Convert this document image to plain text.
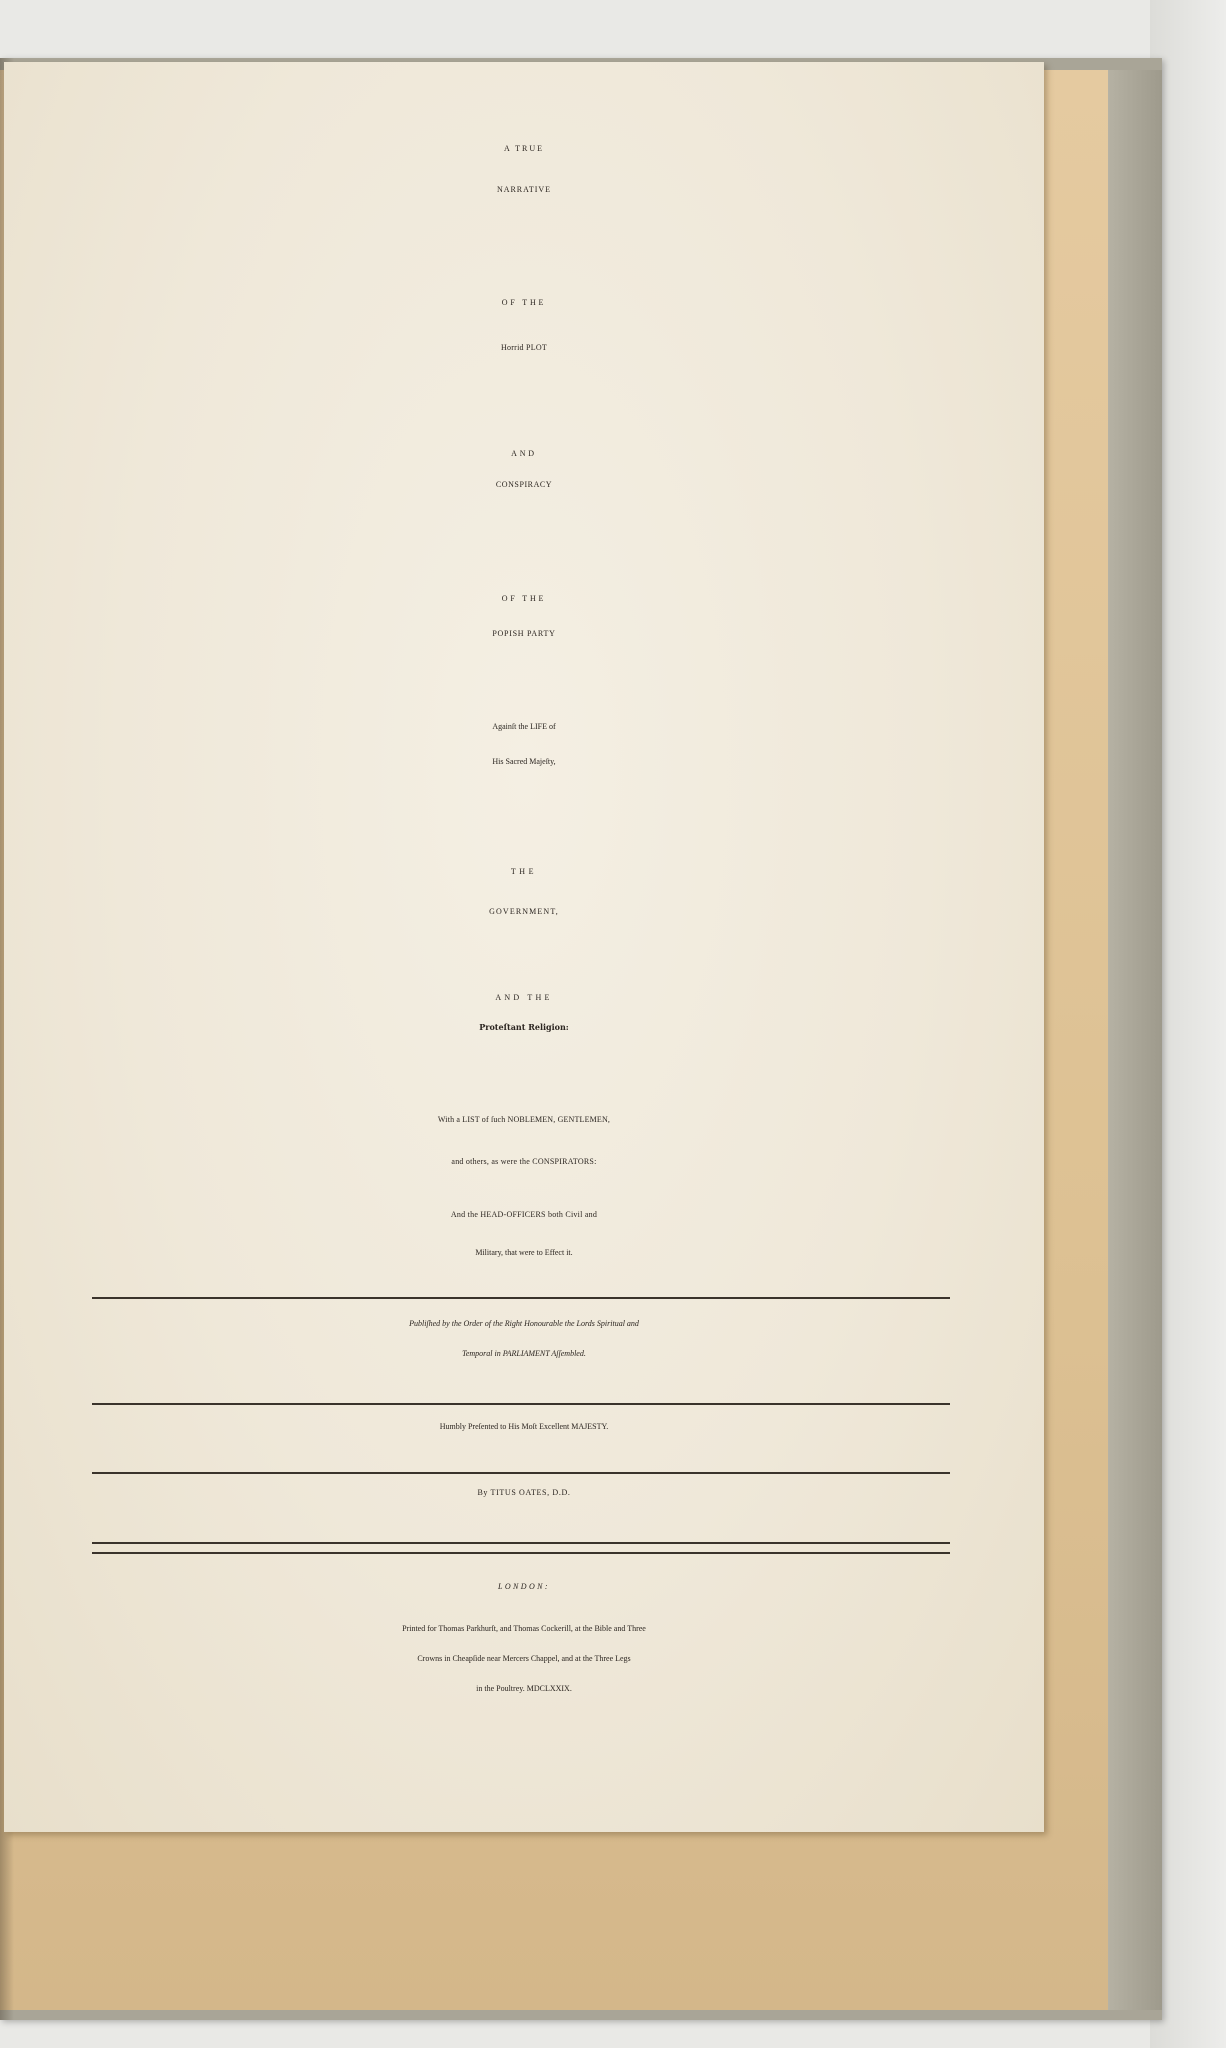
A TRUE
NARRATIVE
OF THE
Horrid PLOT
AND
CONSPIRACY
OF THE
POPISH PARTY
Againſt the LIFE of
His Sacred Majeſty,
THE
GOVERNMENT,
AND THE
Proteſtant Religion:
With a LIST of ſuch NOBLEMEN, GENTLEMEN,
and others, as were the CONSPIRATORS:
And the HEAD-OFFICERS both Civil and
Military, that were to Effect it.
Publiſhed by the Order of the Right Honourable the Lords Spiritual and
Temporal in PARLIAMENT Aſſembled.
Humbly Preſented to His Moſt Excellent MAJESTY.
By TITUS OATES, D.D.
LONDON:
Printed for Thomas Parkhurſt, and Thomas Cockerill, at the Bible and Three
Crowns in Cheapſide near Mercers Chappel, and at the Three Legs
in the Poultrey. MDCLXXIX.
